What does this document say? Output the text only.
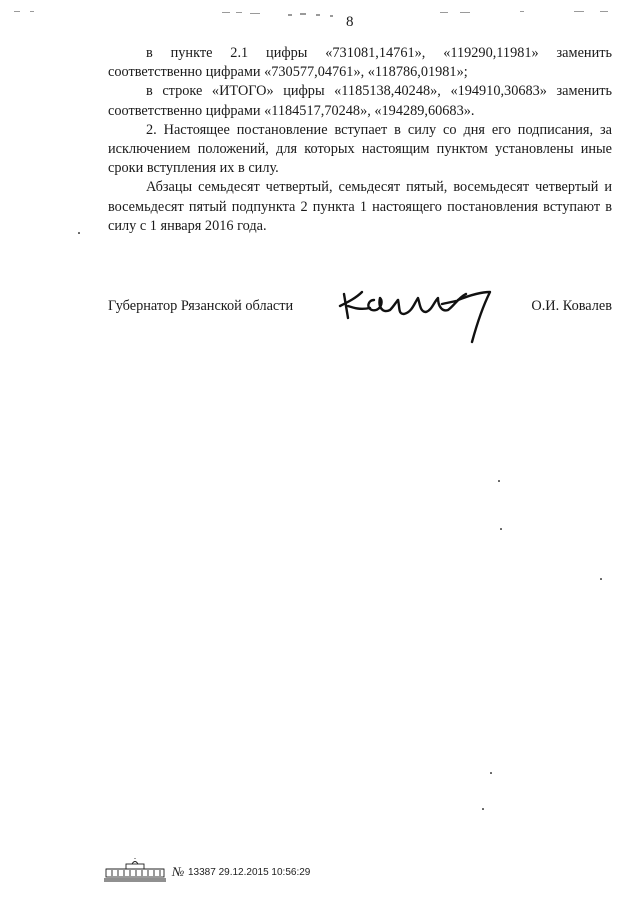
8

в пункте 2.1 цифры «731081,14761», «119290,11981» заменить соответственно цифрами «730577,04761», «118786,01981»;

в строке «ИТОГО» цифры «1185138,40248», «194910,30683» заменить соответственно цифрами «1184517,70248», «194289,60683».

2. Настоящее постановление вступает в силу со дня его подписания, за исключением положений, для которых настоящим пунктом установлены иные сроки вступления их в силу.

Абзацы семьдесят четвертый, семьдесят пятый, восемьдесят четвертый и восемьдесят пятый подпункта 2 пункта 1 настоящего постановления вступают в силу с 1 января 2016 года.

Губернатор Рязанской области	О.И. Ковалев
№ 13387 29.12.2015 10:56:29
